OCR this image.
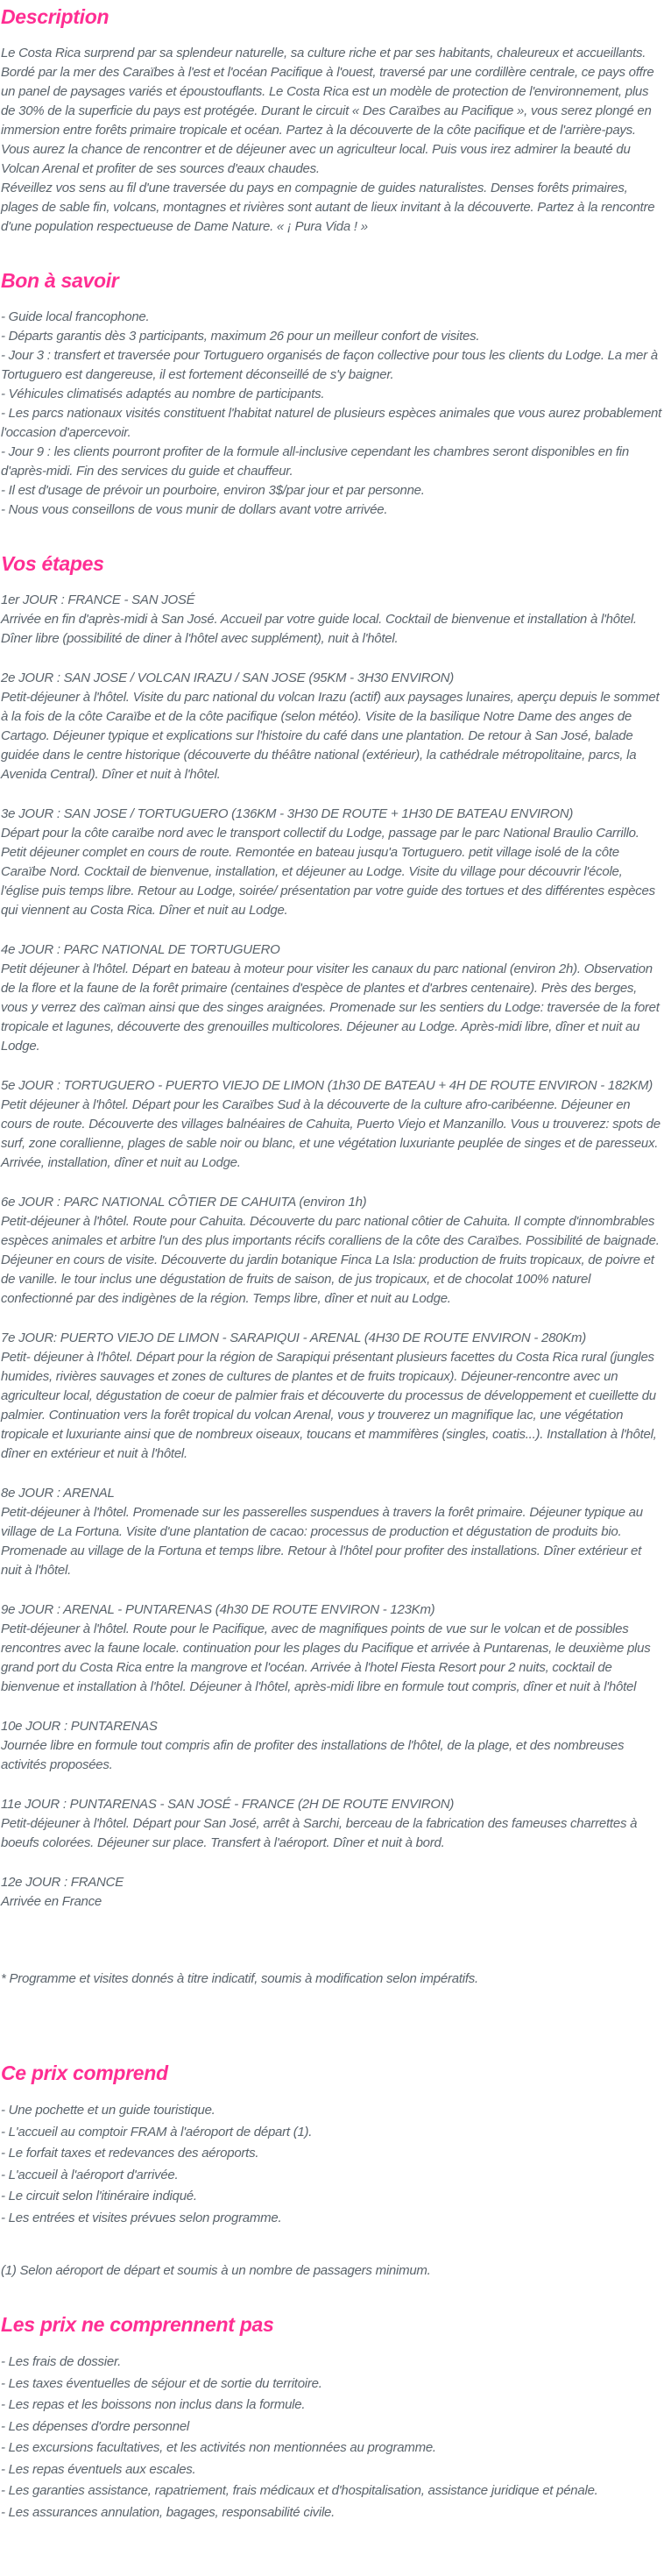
Description

Le Costa Rica surprend par sa splendeur naturelle, sa culture riche et par ses habitants, chaleureux et accueillants. Bordé par la mer des Caraïbes à l'est et l'océan Pacifique à l'ouest, traversé par une cordillère centrale, ce pays offre un panel de paysages variés et époustouflants. Le Costa Rica est un modèle de protection de l'environnement, plus de 30% de la superficie du pays est protégée. Durant le circuit « Des Caraïbes au Pacifique », vous serez plongé en immersion entre forêts primaire tropicale et océan. Partez à la découverte de la côte pacifique et de l'arrière-pays. Vous aurez la chance de rencontrer et de déjeuner avec un agriculteur local. Puis vous irez admirer la beauté du Volcan Arenal et profiter de ses sources d'eaux chaudes.

Réveillez vos sens au fil d'une traversée du pays en compagnie de guides naturalistes. Denses forêts primaires, plages de sable fin, volcans, montagnes et rivières sont autant de lieux invitant à la découverte. Partez à la rencontre d'une population respectueuse de Dame Nature. « ¡ Pura Vida ! »

Bon à savoir
- Guide local francophone.
- Départs garantis dès 3 participants, maximum 26 pour un meilleur confort de visites.
- Jour 3 : transfert et traversée pour Tortuguero organisés de façon collective pour tous les clients du Lodge. La mer à Tortuguero est dangereuse, il est fortement déconseillé de s'y baigner.
- Véhicules climatisés adaptés au nombre de participants.
- Les parcs nationaux visités constituent l'habitat naturel de plusieurs espèces animales que vous aurez probablement l'occasion d'apercevoir.
- Jour 9 : les clients pourront profiter de la formule all-inclusive cependant les chambres seront disponibles en fin d'après-midi. Fin des services du guide et chauffeur.
- Il est d'usage de prévoir un pourboire, environ 3$/par jour et par personne.
- Nous vous conseillons de vous munir de dollars avant votre arrivée.
Vos étapes

1er JOUR : FRANCE - SAN JOSÉ

Arrivée en fin d'après-midi à San José. Accueil par votre guide local. Cocktail de bienvenue et installation à l'hôtel. Dîner libre (possibilité de diner à l'hôtel avec supplément), nuit à l'hôtel.

2e JOUR : SAN JOSE / VOLCAN IRAZU / SAN JOSE (95KM - 3H30 ENVIRON)

Petit-déjeuner à l'hôtel. Visite du parc national du volcan Irazu (actif) aux paysages lunaires, aperçu depuis le sommet à la fois de la côte Caraïbe et de la côte pacifique (selon météo). Visite de la basilique Notre Dame des anges de Cartago. Déjeuner typique et explications sur l'histoire du café dans une plantation. De retour à San José, balade guidée dans le centre historique (découverte du théâtre national (extérieur), la cathédrale métropolitaine, parcs, la Avenida Central). Dîner et nuit à l'hôtel.

3e JOUR : SAN JOSE / TORTUGUERO (136KM - 3H30 DE ROUTE + 1H30 DE BATEAU ENVIRON)

Départ pour la côte caraïbe nord avec le transport collectif du Lodge, passage par le parc National Braulio Carrillo. Petit déjeuner complet en cours de route. Remontée en bateau jusqu'a Tortuguero. petit village isolé de la côte Caraïbe Nord. Cocktail de bienvenue, installation, et déjeuner au Lodge. Visite du village pour découvrir l'école, l'église puis temps libre. Retour au Lodge, soirée/ présentation par votre guide des tortues et des différentes espèces qui viennent au Costa Rica. Dîner et nuit au Lodge.

4e JOUR : PARC NATIONAL DE TORTUGUERO

Petit déjeuner à l'hôtel. Départ en bateau à moteur pour visiter les canaux du parc national (environ 2h). Observation de la flore et la faune de la forêt primaire (centaines d'espèce de plantes et d'arbres centenaire). Près des berges, vous y verrez des caïman ainsi que des singes araignées. Promenade sur les sentiers du Lodge: traversée de la foret tropicale et lagunes, découverte des grenouilles multicolores. Déjeuner au Lodge. Après-midi libre, dîner et nuit au Lodge.

5e JOUR : TORTUGUERO - PUERTO VIEJO DE LIMON (1h30 DE BATEAU + 4H DE ROUTE ENVIRON - 182KM)

Petit déjeuner à l'hôtel. Départ pour les Caraïbes Sud à la découverte de la culture afro-caribéenne. Déjeuner en cours de route. Découverte des villages balnéaires de Cahuita, Puerto Viejo et Manzanillo. Vous u trouverez: spots de surf, zone corallienne, plages de sable noir ou blanc, et une végétation luxuriante peuplée de singes et de paresseux. Arrivée, installation, dîner et nuit au Lodge.

6e JOUR : PARC NATIONAL CÔTIER DE CAHUITA (environ 1h)

Petit-déjeuner à l'hôtel. Route pour Cahuita. Découverte du parc national côtier de Cahuita. Il compte d'innombrables espèces animales et arbitre l'un des plus importants récifs coralliens de la côte des Caraïbes. Possibilité de baignade. Déjeuner en cours de visite. Découverte du jardin botanique Finca La Isla: production de fruits tropicaux, de poivre et de vanille. le tour inclus une dégustation de fruits de saison, de jus tropicaux, et de chocolat 100% naturel confectionné par des indigènes de la région. Temps libre, dîner et nuit au Lodge.

7e JOUR: PUERTO VIEJO DE LIMON - SARAPIQUI - ARENAL (4H30 DE ROUTE ENVIRON - 280Km)

Petit- déjeuner à l'hôtel. Départ pour la région de Sarapiqui présentant plusieurs facettes du Costa Rica rural (jungles humides, rivières sauvages et zones de cultures de plantes et de fruits tropicaux). Déjeuner-rencontre avec un agriculteur local, dégustation de coeur de palmier frais et découverte du processus de développement et cueillette du palmier. Continuation vers la forêt tropical du volcan Arenal, vous y trouverez un magnifique lac, une végétation tropicale et luxuriante ainsi que de nombreux oiseaux, toucans et mammifères (singles, coatis...). Installation à l'hôtel, dîner en extérieur et nuit à l'hôtel.

8e JOUR : ARENAL

Petit-déjeuner à l'hôtel. Promenade sur les passerelles suspendues à travers la forêt primaire. Déjeuner typique au village de La Fortuna. Visite d'une plantation de cacao: processus de production et dégustation de produits bio. Promenade au village de la Fortuna et temps libre. Retour à l'hôtel pour profiter des installations. Dîner extérieur et nuit à l'hôtel.

9e JOUR : ARENAL - PUNTARENAS (4h30 DE ROUTE ENVIRON - 123Km)

Petit-déjeuner à l'hôtel. Route pour le Pacifique, avec de magnifiques points de vue sur le volcan et de possibles rencontres avec la faune locale. continuation pour les plages du Pacifique et arrivée à Puntarenas, le deuxième plus grand port du Costa Rica entre la mangrove et l'océan. Arrivée à l'hotel Fiesta Resort pour 2 nuits, cocktail de bienvenue et installation à l'hôtel. Déjeuner à l'hôtel, après-midi libre en formule tout compris, dîner et nuit à l'hôtel

10e JOUR : PUNTARENAS

Journée libre en formule tout compris afin de profiter des installations de l'hôtel, de la plage, et des nombreuses activités proposées.

11e JOUR : PUNTARENAS - SAN JOSÉ - FRANCE (2H DE ROUTE ENVIRON)

Petit-déjeuner à l'hôtel. Départ pour San José, arrêt à Sarchi, berceau de la fabrication des fameuses charrettes à boeufs colorées. Déjeuner sur place. Transfert à l'aéroport. Dîner et nuit à bord.

12e JOUR : FRANCE

Arrivée en France

* Programme et visites donnés à titre indicatif, soumis à modification selon impératifs.

Ce prix comprend
- Une pochette et un guide touristique.
- L'accueil au comptoir FRAM à l'aéroport de départ (1).
- Le forfait taxes et redevances des aéroports.
- L'accueil à l'aéroport d'arrivée.
- Le circuit selon l'itinéraire indiqué.
- Les entrées et visites prévues selon programme.

(1) Selon aéroport de départ et soumis à un nombre de passagers minimum.

Les prix ne comprennent pas
- Les frais de dossier.
- Les taxes éventuelles de séjour et de sortie du territoire.
- Les repas et les boissons non inclus dans la formule.
- Les dépenses d'ordre personnel
- Les excursions facultatives, et les activités non mentionnées au programme.
- Les repas éventuels aux escales.
- Les garanties assistance, rapatriement, frais médicaux et d'hospitalisation, assistance juridique et pénale.
- Les assurances annulation, bagages, responsabilité civile.
